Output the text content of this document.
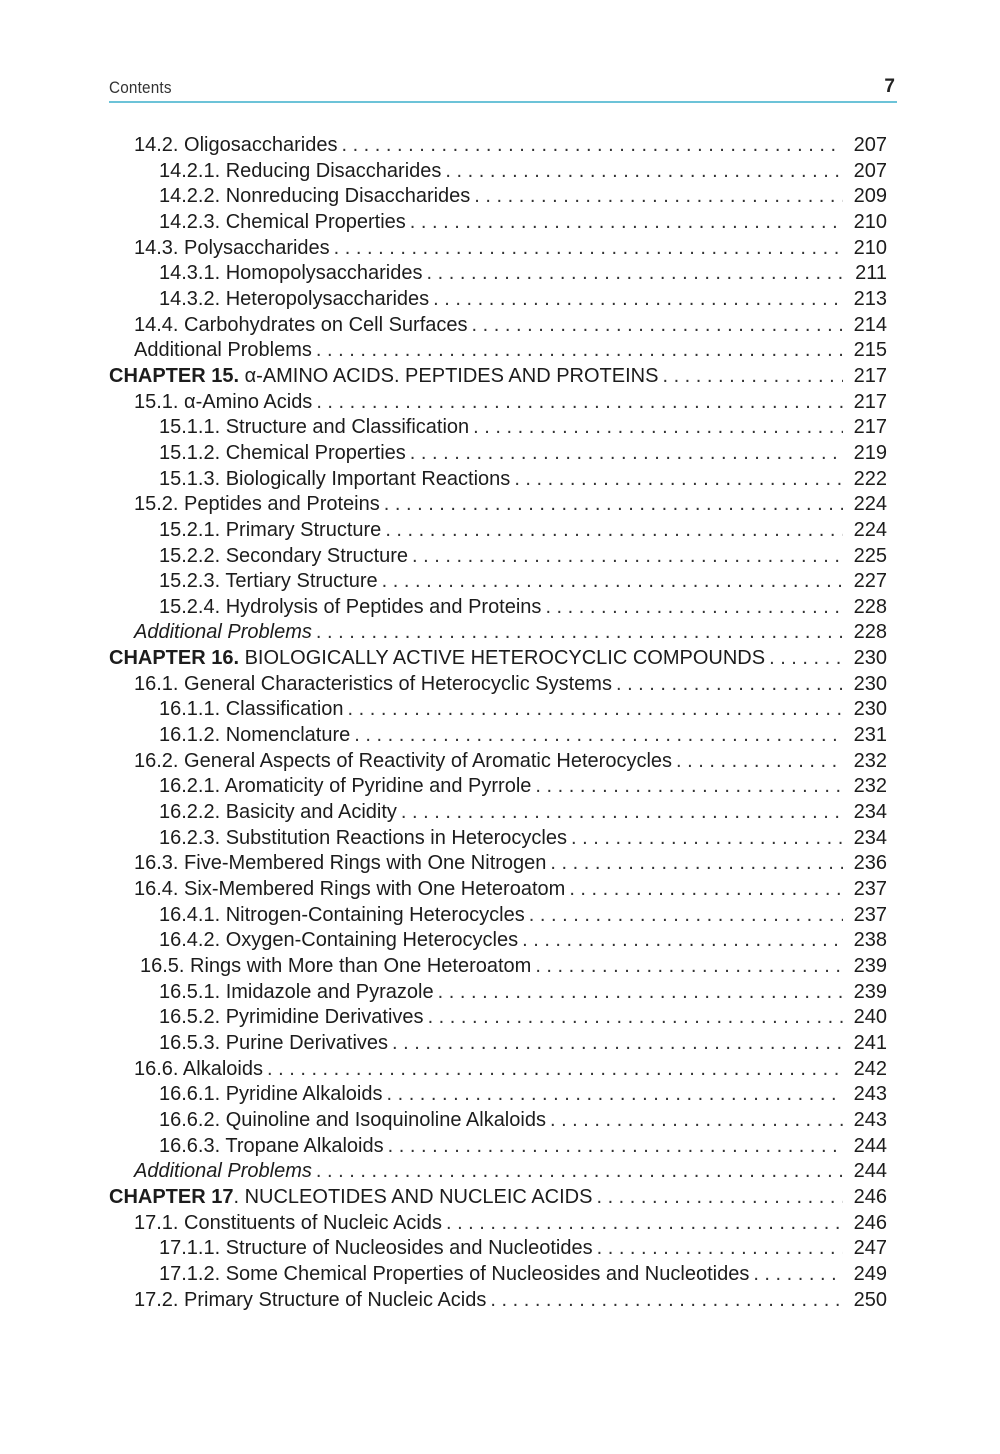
Contents	7
14.2. Oligosaccharides . . .	207
14.2.1. Reducing Disaccharides . . .	207
14.2.2. Nonreducing Disaccharides . . .	209
14.2.3. Chemical Properties . . .	210
14.3. Polysaccharides . . .	210
14.3.1. Homopolysaccharides . . .	211
14.3.2. Heteropolysaccharides . . .	213
14.4. Carbohydrates on Cell Surfaces . . .	214
Additional Problems . . .	215
CHAPTER 15. α-AMINO ACIDS. PEPTIDES AND PROTEINS . . .	217
15.1. α-Amino Acids . . .	217
15.1.1. Structure and Classification . . .	217
15.1.2. Chemical Properties . . .	219
15.1.3. Biologically Important Reactions . . .	222
15.2. Peptides and Proteins . . .	224
15.2.1. Primary Structure . . .	224
15.2.2. Secondary Structure . . .	225
15.2.3. Tertiary Structure . . .	227
15.2.4. Hydrolysis of Peptides and Proteins . . .	228
Additional Problems . . .	228
CHAPTER 16. BIOLOGICALLY ACTIVE HETEROCYCLIC COMPOUNDS . . .	230
16.1. General Characteristics of Heterocyclic Systems . . .	230
16.1.1. Classification . . .	230
16.1.2. Nomenclature . . .	231
16.2. General Aspects of Reactivity of Aromatic Heterocycles . . .	232
16.2.1. Aromaticity of Pyridine and Pyrrole . . .	232
16.2.2. Basicity and Acidity . . .	234
16.2.3. Substitution Reactions in Heterocycles . . .	234
16.3. Five-Membered Rings with One Nitrogen . . .	236
16.4. Six-Membered Rings with One Heteroatom . . .	237
16.4.1. Nitrogen-Containing Heterocycles . . .	237
16.4.2. Oxygen-Containing Heterocycles . . .	238
16.5. Rings with More than One Heteroatom . . .	239
16.5.1. Imidazole and Pyrazole . . .	239
16.5.2. Pyrimidine Derivatives . . .	240
16.5.3. Purine Derivatives . . .	241
16.6. Alkaloids . . .	242
16.6.1. Pyridine Alkaloids . . .	243
16.6.2. Quinoline and Isoquinoline Alkaloids . . .	243
16.6.3. Tropane Alkaloids . . .	244
Additional Problems . . .	244
CHAPTER 17. NUCLEOTIDES AND NUCLEIC ACIDS . . .	246
17.1. Constituents of Nucleic Acids . . .	246
17.1.1. Structure of Nucleosides and Nucleotides . . .	247
17.1.2. Some Chemical Properties of Nucleosides and Nucleotides . . .	249
17.2. Primary Structure of Nucleic Acids . . .	250
